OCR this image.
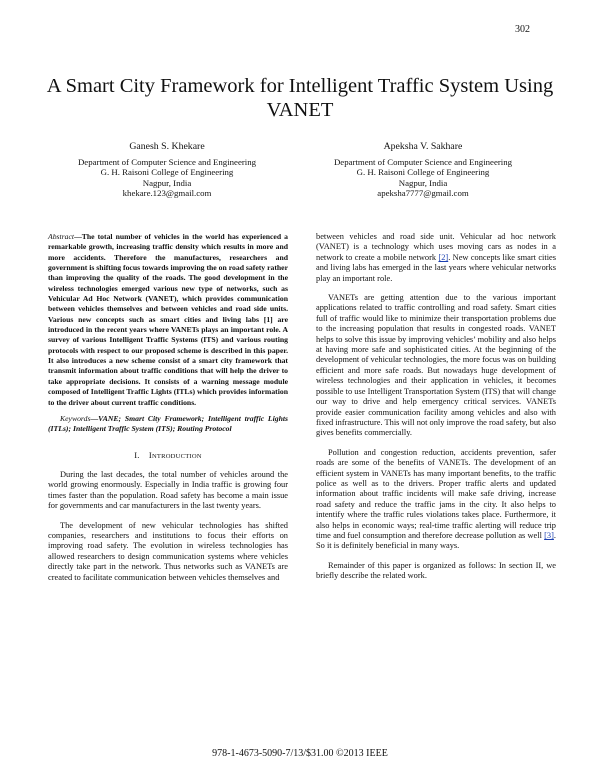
302
A Smart City Framework for Intelligent Traffic System Using VANET
Ganesh S. Khekare
Department of Computer Science and Engineering
G. H. Raisoni College of Engineering
Nagpur, India
khekare.123@gmail.com
Apeksha V. Sakhare
Department of Computer Science and Engineering
G. H. Raisoni College of Engineering
Nagpur, India
apeksha7777@gmail.com

Abstract—The total number of vehicles in the world has experienced a remarkable growth, increasing traffic density which results in more and more accidents. Therefore the manufactures, researchers and government is shifting focus towards improving the on road safety rather than improving the quality of the roads. The good development in the wireless technologies emerged various new type of networks, such as Vehicular Ad Hoc Network (VANET), which provides communication between vehicles themselves and between vehicles and road side units. Various new concepts such as smart cities and living labs [1] are introduced in the recent years where VANETs plays an important role. A survey of various Intelligent Traffic Systems (ITS) and various routing protocols with respect to our proposed scheme is described in this paper. It also introduces a new scheme consist of a smart city framework that transmit information about traffic conditions that will help the driver to take appropriate decisions. It consists of a warning message module composed of Intelligent Traffic Lights (ITLs) which provides information to the driver about current traffic conditions.

Keywords—VANE; Smart City Framework; Intelligent traffic Lights (ITLs); Intelligent Traffic System (ITS); Routing Protocol

I. INTRODUCTION

During the last decades, the total number of vehicles around the world growing enormously. Especially in India traffic is growing four times faster than the population. Road safety has become a main issue for governments and car manufacturers in the last twenty years.

The development of new vehicular technologies has shifted companies, researchers and institutions to focus their efforts on improving road safety. The evolution in wireless technologies has allowed researchers to design communication systems where vehicles directly take part in the network. Thus networks such as VANETs are created to facilitate communication between vehicles themselves and

between vehicles and road side unit. Vehicular ad hoc network (VANET) is a technology which uses moving cars as nodes in a network to create a mobile network [2]. New concepts like smart cities and living labs has emerged in the last years where vehicular networks play an important role.

VANETs are getting attention due to the various important applications related to traffic controlling and road safety. Smart cities full of traffic would like to minimize their transportation problems due to the increasing population that results in congested roads. VANET helps to solve this issue by improving vehicles’ mobility and also helps at having more safe and sophisticated cities. At the beginning of the development of vehicular technologies, the more focus was on building efficient and more safe roads. But nowadays huge development of wireless technologies and their application in vehicles, it becomes possible to use Intelligent Transportation System (ITS) that will change our way to drive and help emergency critical services. VANETs provide easier communication facility among vehicles and also with fixed infrastructure. This will not only improve the road safety, but also gives benefits commercially.

Pollution and congestion reduction, accidents prevention, safer roads are some of the benefits of VANETs. The development of an efficient system in VANETs has many important benefits, to the traffic police as well as to the drivers. Proper traffic alerts and updated information about traffic incidents will make safe driving, increase road safety and reduce the traffic jams in the city. It also helps to intentify where the traffic rules violations takes place. Furthermore, it also helps in economic ways; real-time traffic alerting will reduce trip time and fuel consumption and therefore decrease pollution as well [3]. So it is definitely beneficial in many ways.

Remainder of this paper is organized as follows: In section II, we briefly describe the related work.

978-1-4673-5090-7/13/$31.00 ©2013 IEEE
